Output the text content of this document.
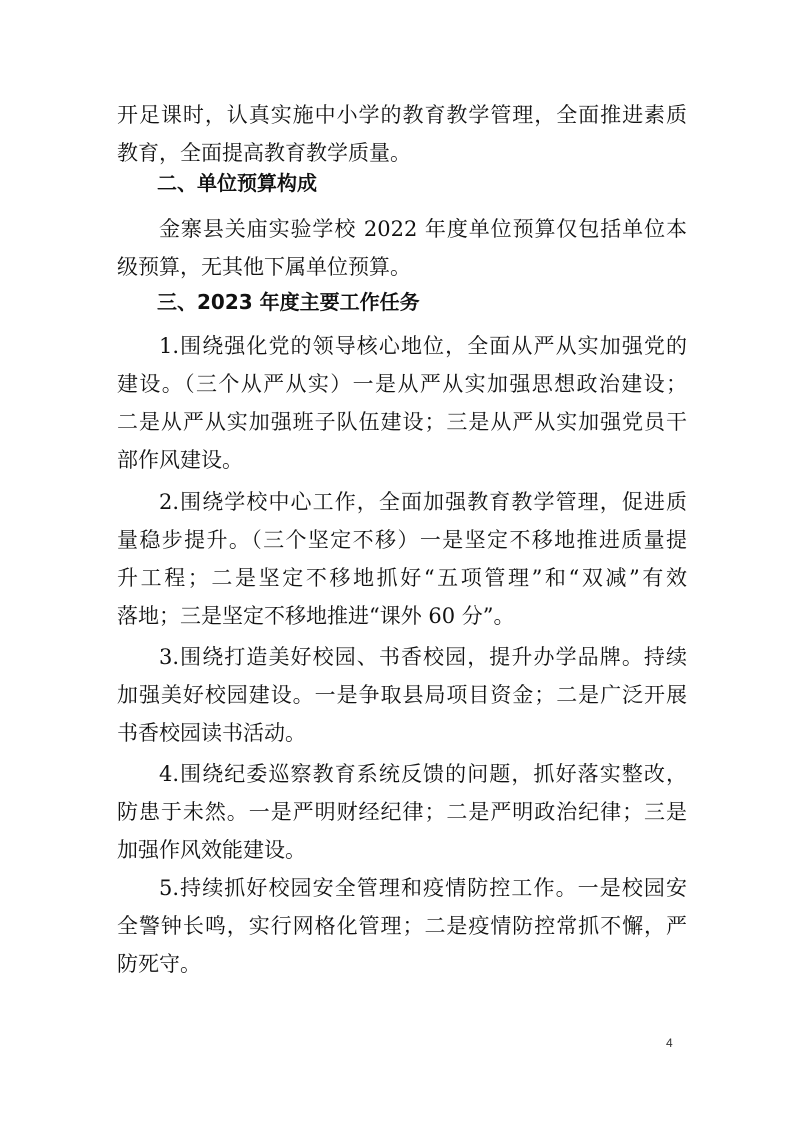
开足课时，认真实施中小学的教育教学管理，全面推进素质
教育，全面提高教育教学质量。
二、单位预算构成
金寨县关庙实验学校 2022 年度单位预算仅包括单位本
级预算，无其他下属单位预算。
三、2023 年度主要工作任务
1.围绕强化党的领导核心地位，全面从严从实加强党的
建设。（三个从严从实）一是从严从实加强思想政治建设；
二是从严从实加强班子队伍建设；三是从严从实加强党员干
部作风建设。
2.围绕学校中心工作，全面加强教育教学管理，促进质
量稳步提升。（三个坚定不移）一是坚定不移地推进质量提
升工程；二是坚定不移地抓好“五项管理”和“双减”有效
落地；三是坚定不移地推进“课外 60 分”。
3.围绕打造美好校园、书香校园，提升办学品牌。持续
加强美好校园建设。一是争取县局项目资金；二是广泛开展
书香校园读书活动。
4.围绕纪委巡察教育系统反馈的问题，抓好落实整改，
防患于未然。一是严明财经纪律；二是严明政治纪律；三是
加强作风效能建设。
5.持续抓好校园安全管理和疫情防控工作。一是校园安
全警钟长鸣，实行网格化管理；二是疫情防控常抓不懈，严
防死守。
4
